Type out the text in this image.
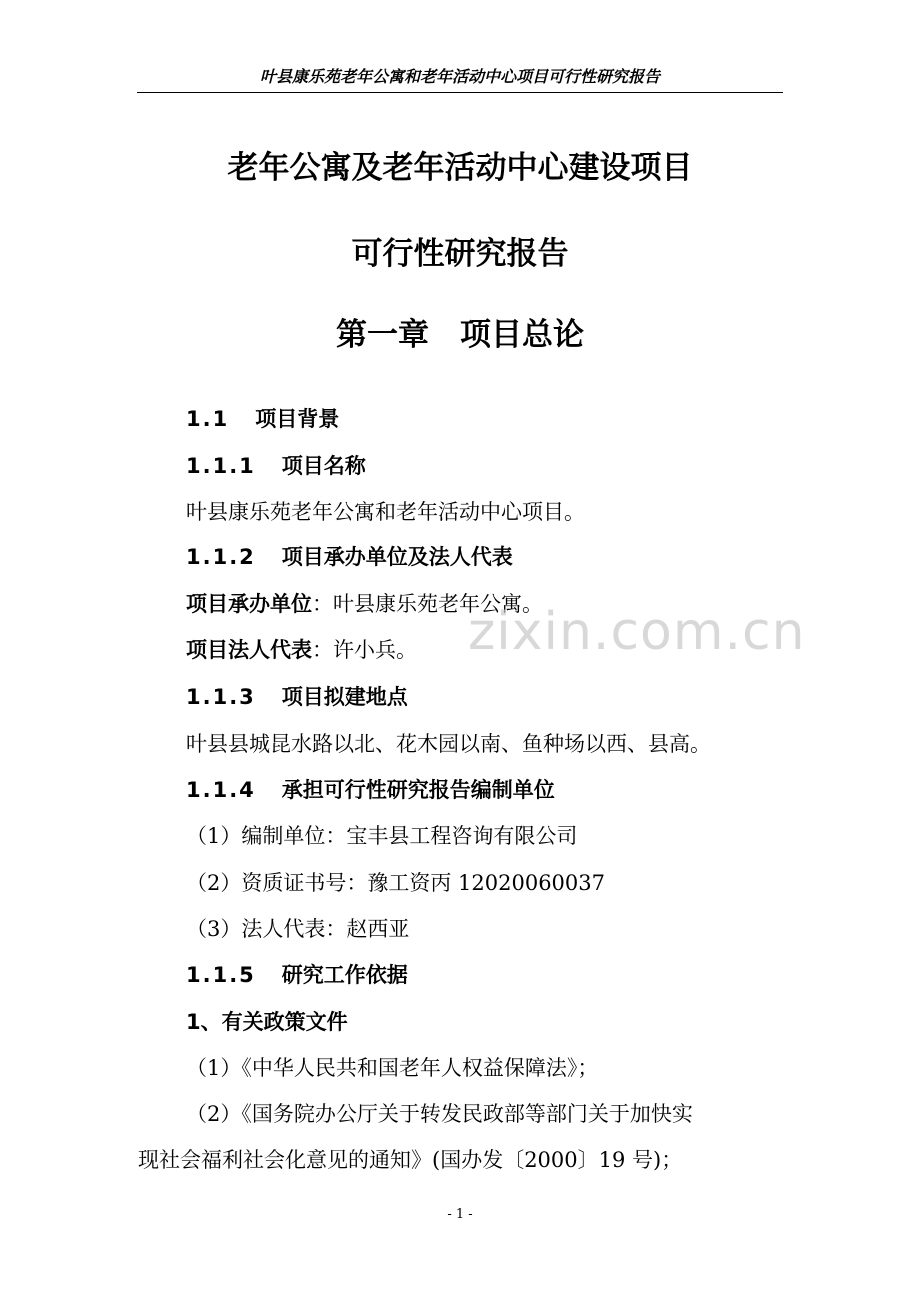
叶县康乐苑老年公寓和老年活动中心项目可行性研究报告
老年公寓及老年活动中心建设项目
可行性研究报告
第一章　项目总论
1.1 项目背景
1.1.1 项目名称
叶县康乐苑老年公寓和老年活动中心项目。
1.1.2 项目承办单位及法人代表
项目承办单位：叶县康乐苑老年公寓。
项目法人代表：许小兵。
1.1.3 项目拟建地点
叶县县城昆水路以北、花木园以南、鱼种场以西、县高。
1.1.4 承担可行性研究报告编制单位
（1）编制单位：宝丰县工程咨询有限公司
（2）资质证书号：豫工资丙 12020060037
（3）法人代表：赵西亚
1.1.5 研究工作依据
1、有关政策文件
（1）《中华人民共和国老年人权益保障法》；
（2）《国务院办公厅关于转发民政部等部门关于加快实
现社会福利社会化意见的通知》(国办发〔2000〕19 号)；
zixin.com.cn
- 1 -
